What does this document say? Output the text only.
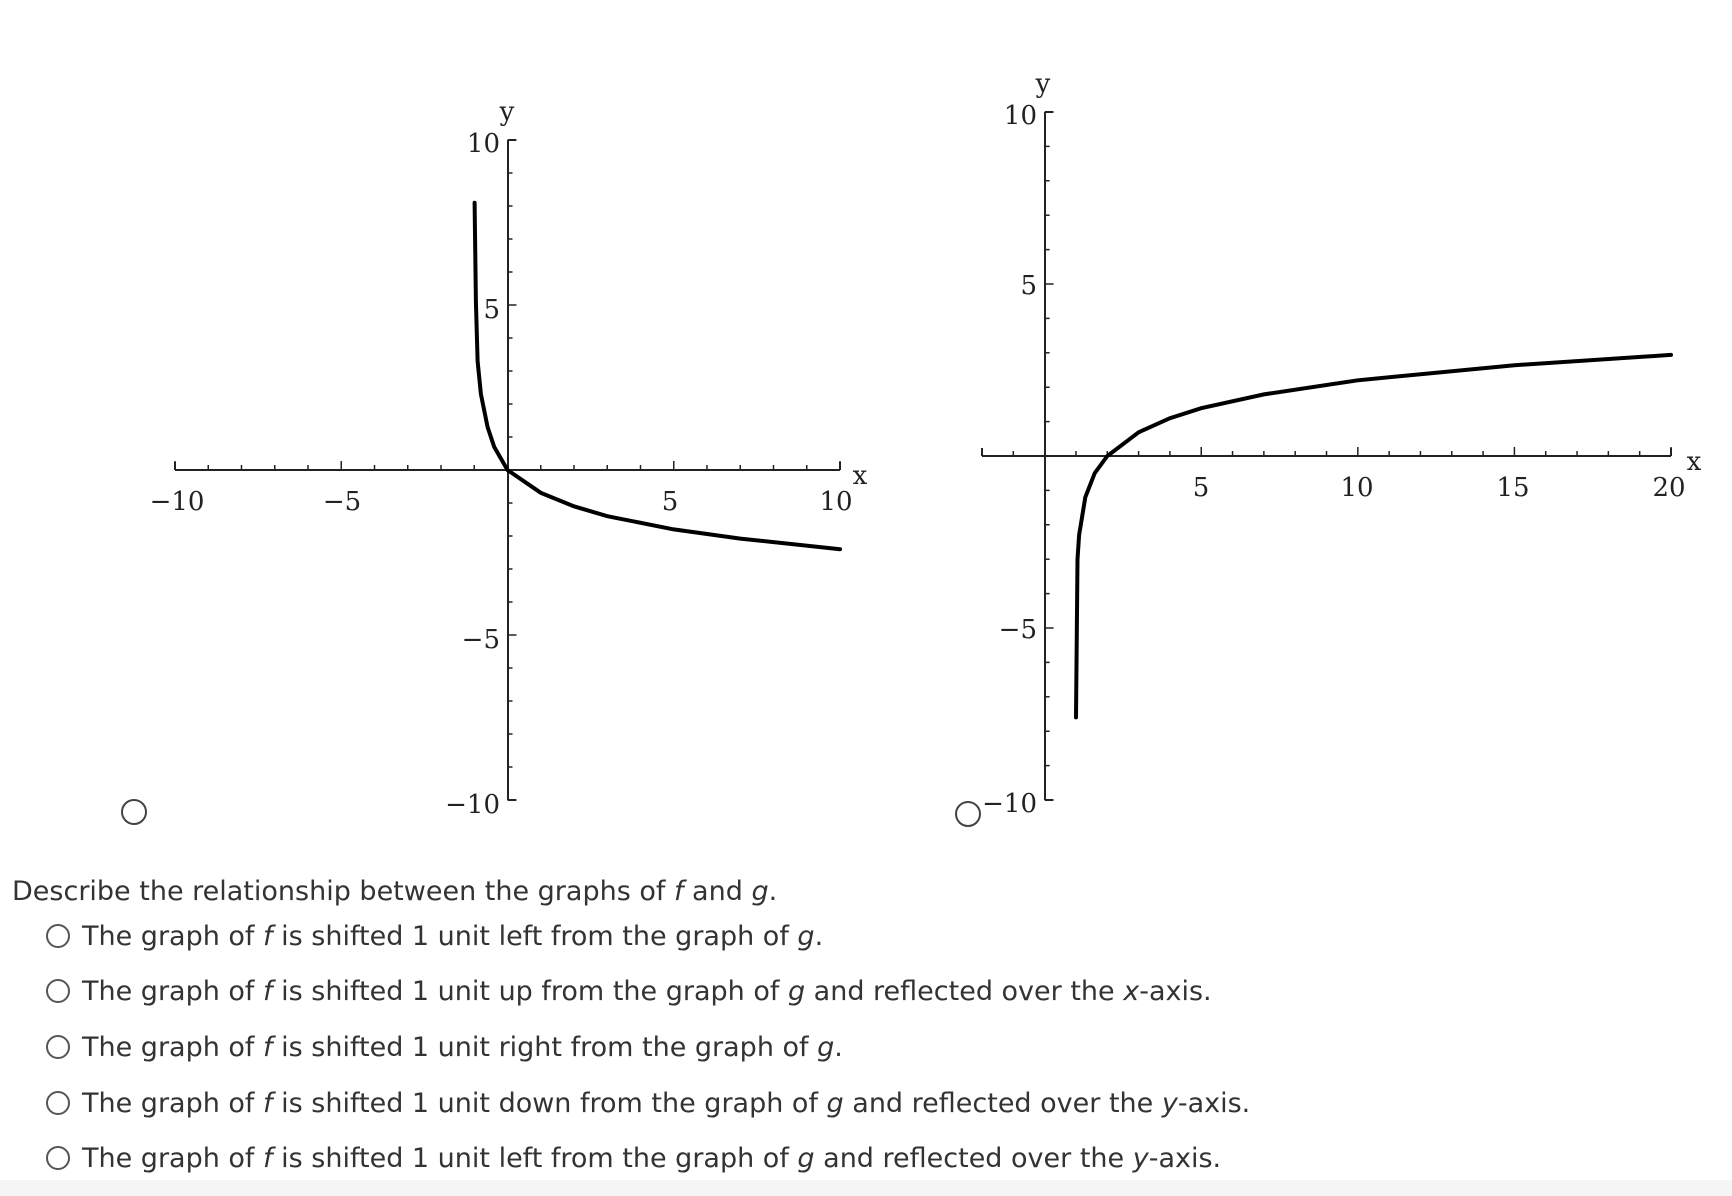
−10	−5	5	10
x
10
5
−5
−10
y
5	10	15	20
x
10
5
−5
−10
y
Describe the relationship between the graphs of f and g.
The graph of f is shifted 1 unit left from the graph of g.
The graph of f is shifted 1 unit up from the graph of g and reflected over the x-axis.
The graph of f is shifted 1 unit right from the graph of g.
The graph of f is shifted 1 unit down from the graph of g and reflected over the y-axis.
The graph of f is shifted 1 unit left from the graph of g and reflected over the y-axis.
